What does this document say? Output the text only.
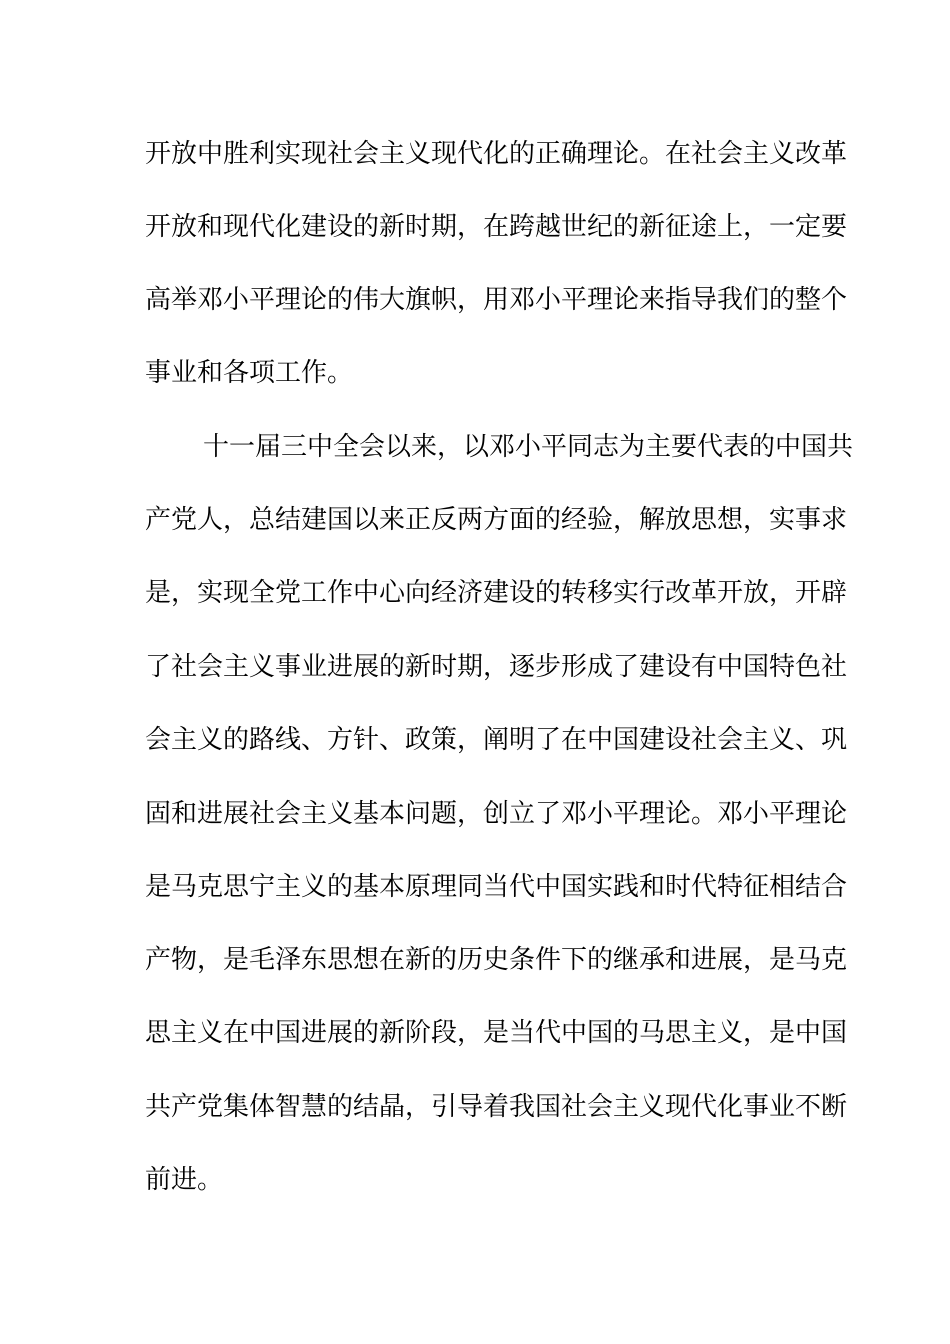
开放中胜利实现社会主义现代化的正确理论。在社会主义改革
开放和现代化建设的新时期，在跨越世纪的新征途上，一定要
高举邓小平理论的伟大旗帜，用邓小平理论来指导我们的整个
事业和各项工作。
十一届三中全会以来，以邓小平同志为主要代表的中国共
产党人，总结建国以来正反两方面的经验，解放思想，实事求
是，实现全党工作中心向经济建设的转移实行改革开放，开辟
了社会主义事业进展的新时期，逐步形成了建设有中国特色社
会主义的路线、方针、政策，阐明了在中国建设社会主义、巩
固和进展社会主义基本问题，创立了邓小平理论。邓小平理论
是马克思宁主义的基本原理同当代中国实践和时代特征相结合
产物，是毛泽东思想在新的历史条件下的继承和进展，是马克
思主义在中国进展的新阶段，是当代中国的马思主义，是中国
共产党集体智慧的结晶，引导着我国社会主义现代化事业不断
前进。
